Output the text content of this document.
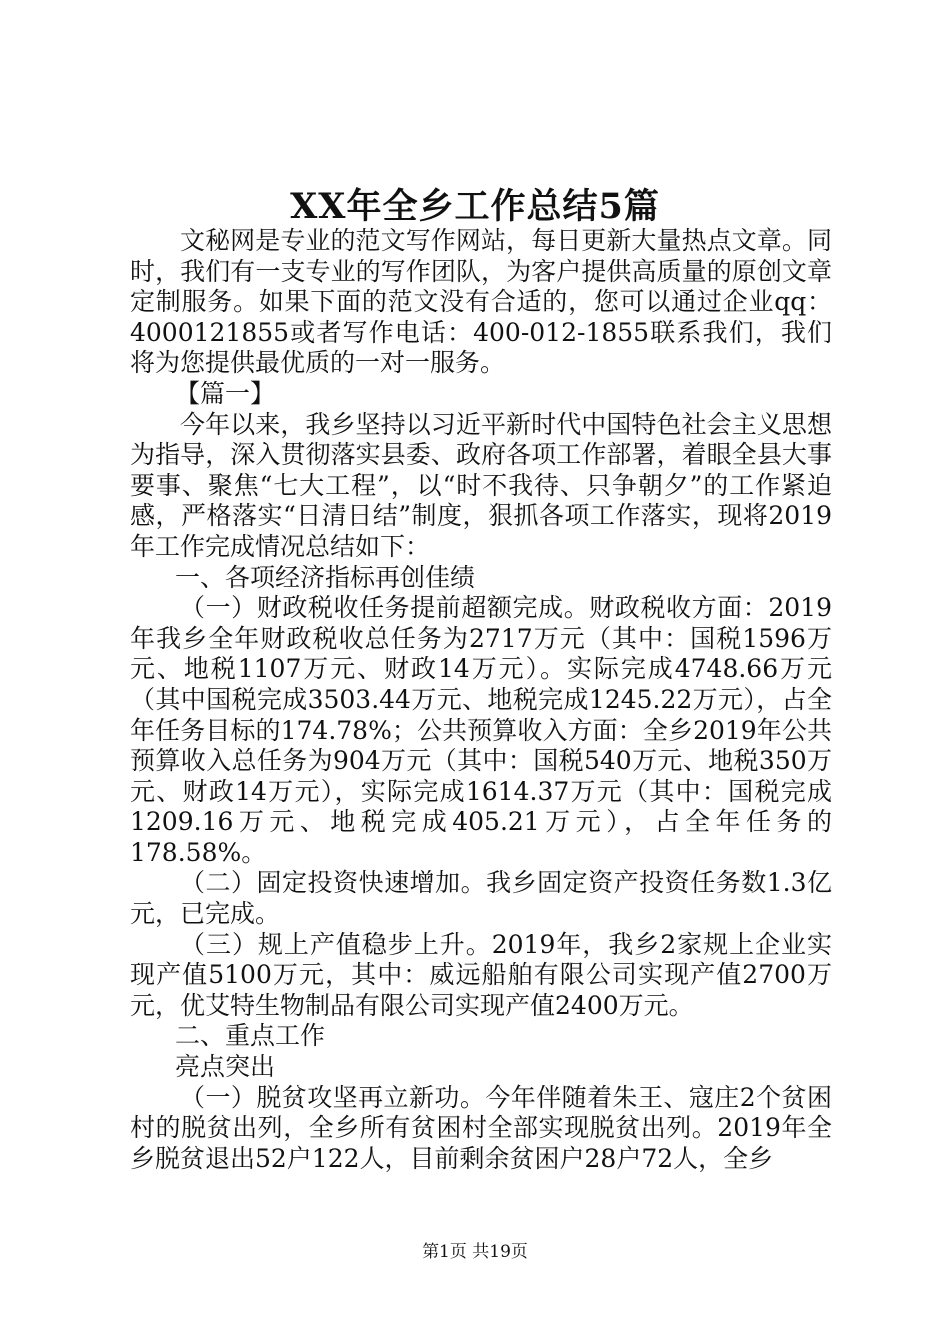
XX年全乡工作总结5篇

文秘网是专业的范文写作网站，每日更新大量热点文章。同时，我们有一支专业的写作团队，为客户提供高质量的原创文章定制服务。如果下面的范文没有合适的，您可以通过企业qq：4000121855或者写作电话：400-012-1855联系我们，我们将为您提供最优质的一对一服务。

【篇一】

今年以来，我乡坚持以习近平新时代中国特色社会主义思想为指导，深入贯彻落实县委、政府各项工作部署，着眼全县大事要事、聚焦“七大工程”，以“时不我待、只争朝夕”的工作紧迫感，严格落实“日清日结”制度，狠抓各项工作落实，现将2019年工作完成情况总结如下：

一、各项经济指标再创佳绩

（一）财政税收任务提前超额完成。财政税收方面：2019年我乡全年财政税收总任务为2717万元（其中：国税1596万元、地税1107万元、财政14万元）。实际完成4748.66万元（其中国税完成3503.44万元、地税完成1245.22万元），占全年任务目标的174.78%；公共预算收入方面：全乡2019年公共预算收入总任务为904万元（其中：国税540万元、地税350万元、财政14万元），实际完成1614.37万元（其中：国税完成1209.16万元、地税完成405.21万元），占全年任务的178.58%。

（二）固定投资快速增加。我乡固定资产投资任务数1.3亿元，已完成。

（三）规上产值稳步上升。2019年，我乡2家规上企业实现产值5100万元，其中：威远船舶有限公司实现产值2700万元，优艾特生物制品有限公司实现产值2400万元。

二、重点工作

亮点突出

（一）脱贫攻坚再立新功。今年伴随着朱王、寇庄2个贫困村的脱贫出列，全乡所有贫困村全部实现脱贫出列。2019年全乡脱贫退出52户122人，目前剩余贫困户28户72人，全乡

第1页 共19页
